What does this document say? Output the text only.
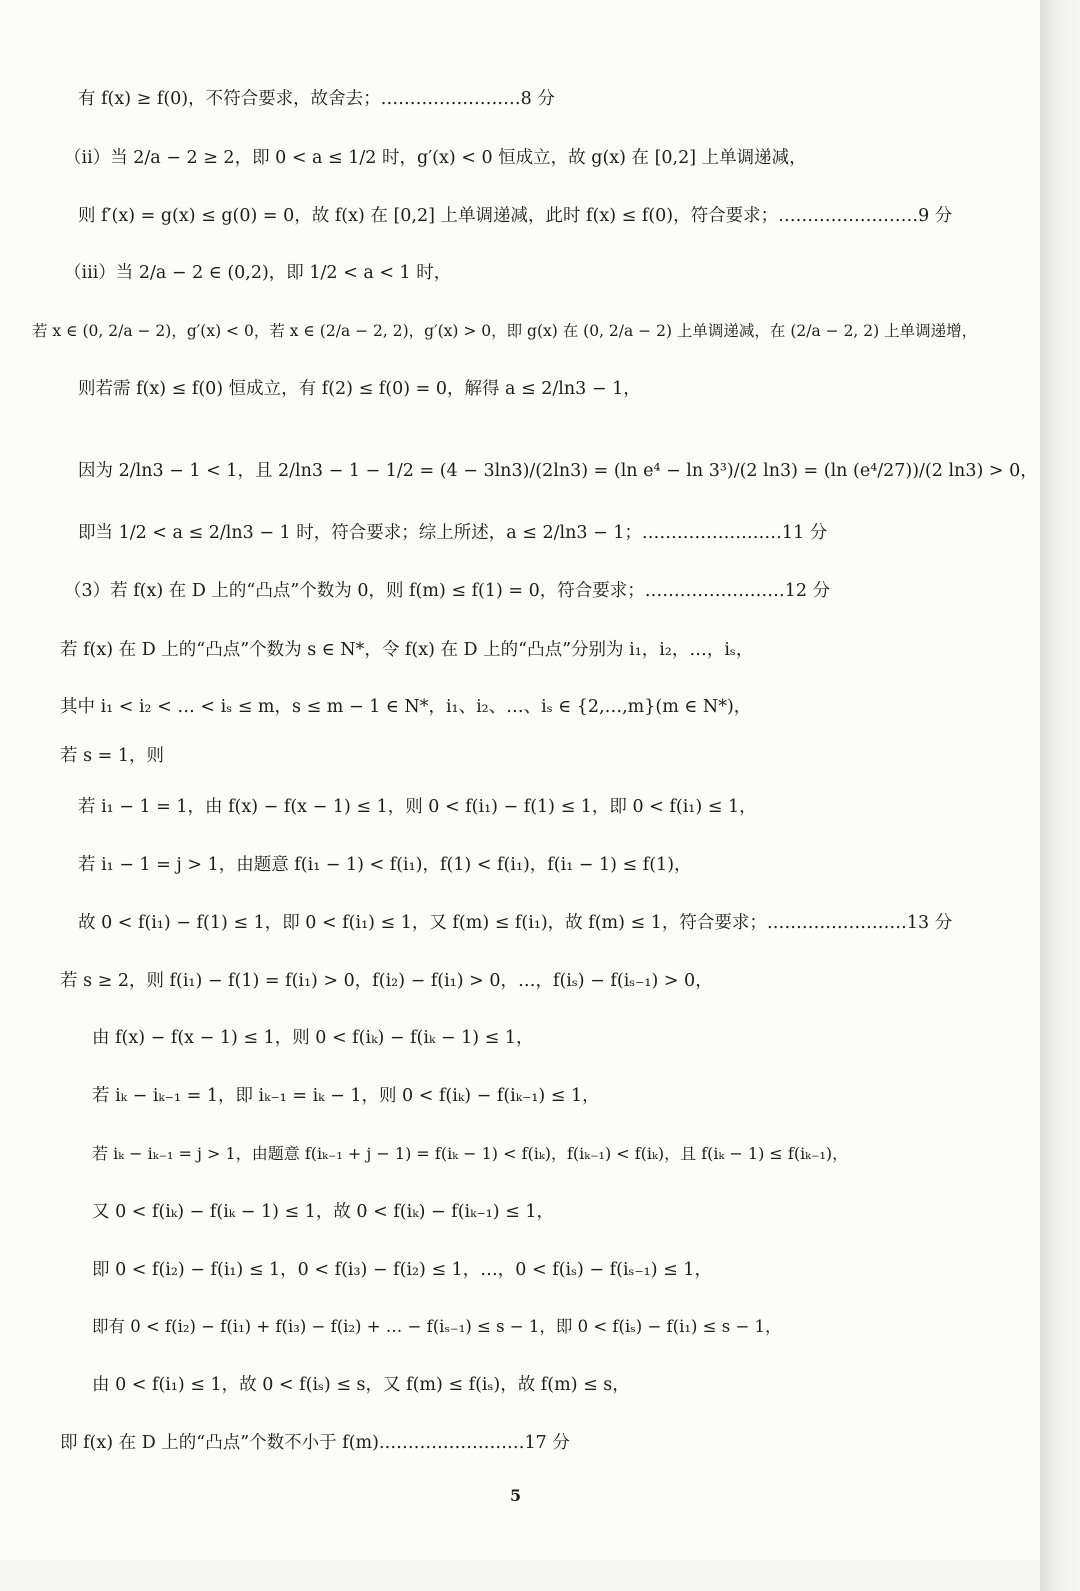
有 f(x) ≥ f(0)，不符合要求，故舍去；……………………8 分
（ii）当 2/a − 2 ≥ 2，即 0 < a ≤ 1/2 时，g′(x) < 0 恒成立，故 g(x) 在 [0,2] 上单调递减，
则 f′(x) = g(x) ≤ g(0) = 0，故 f(x) 在 [0,2] 上单调递减，此时 f(x) ≤ f(0)，符合要求；……………………9 分
（iii）当 2/a − 2 ∈ (0,2)，即 1/2 < a < 1 时，
若 x ∈ (0, 2/a − 2)，g′(x) < 0，若 x ∈ (2/a − 2, 2)，g′(x) > 0，即 g(x) 在 (0, 2/a − 2) 上单调递减，在 (2/a − 2, 2) 上单调递增，
则若需 f(x) ≤ f(0) 恒成立，有 f(2) ≤ f(0) = 0，解得 a ≤ 2/ln3 − 1，
因为 2/ln3 − 1 < 1，且 2/ln3 − 1 − 1/2 = (4 − 3ln3)/(2ln3) = (ln e⁴ − ln 3³)/(2 ln3) = (ln (e⁴/27))/(2 ln3) > 0，
即当 1/2 < a ≤ 2/ln3 − 1 时，符合要求；综上所述，a ≤ 2/ln3 − 1；……………………11 分
（3）若 f(x) 在 D 上的“凸点”个数为 0，则 f(m) ≤ f(1) = 0，符合要求；……………………12 分
若 f(x) 在 D 上的“凸点”个数为 s ∈ N*，令 f(x) 在 D 上的“凸点”分别为 i₁，i₂，…，iₛ，
其中 i₁ < i₂ < … < iₛ ≤ m，s ≤ m − 1 ∈ N*，i₁、i₂、…、iₛ ∈ {2,…,m}(m ∈ N*)，
若 s = 1，则
若 i₁ − 1 = 1，由 f(x) − f(x − 1) ≤ 1，则 0 < f(i₁) − f(1) ≤ 1，即 0 < f(i₁) ≤ 1，
若 i₁ − 1 = j > 1，由题意 f(i₁ − 1) < f(i₁)，f(1) < f(i₁)，f(i₁ − 1) ≤ f(1)，
故 0 < f(i₁) − f(1) ≤ 1，即 0 < f(i₁) ≤ 1，又 f(m) ≤ f(i₁)，故 f(m) ≤ 1，符合要求；……………………13 分
若 s ≥ 2，则 f(i₁) − f(1) = f(i₁) > 0，f(i₂) − f(i₁) > 0，…，f(iₛ) − f(iₛ₋₁) > 0，
由 f(x) − f(x − 1) ≤ 1，则 0 < f(iₖ) − f(iₖ − 1) ≤ 1，
若 iₖ − iₖ₋₁ = 1，即 iₖ₋₁ = iₖ − 1，则 0 < f(iₖ) − f(iₖ₋₁) ≤ 1，
若 iₖ − iₖ₋₁ = j > 1，由题意 f(iₖ₋₁ + j − 1) = f(iₖ − 1) < f(iₖ)，f(iₖ₋₁) < f(iₖ)，且 f(iₖ − 1) ≤ f(iₖ₋₁)，
又 0 < f(iₖ) − f(iₖ − 1) ≤ 1，故 0 < f(iₖ) − f(iₖ₋₁) ≤ 1，
即 0 < f(i₂) − f(i₁) ≤ 1，0 < f(i₃) − f(i₂) ≤ 1，…，0 < f(iₛ) − f(iₛ₋₁) ≤ 1，
即有 0 < f(i₂) − f(i₁) + f(i₃) − f(i₂) + … − f(iₛ₋₁) ≤ s − 1，即 0 < f(iₛ) − f(i₁) ≤ s − 1，
由 0 < f(i₁) ≤ 1，故 0 < f(iₛ) ≤ s，又 f(m) ≤ f(iₛ)，故 f(m) ≤ s，
即 f(x) 在 D 上的“凸点”个数不小于 f(m).……………………17 分
5
